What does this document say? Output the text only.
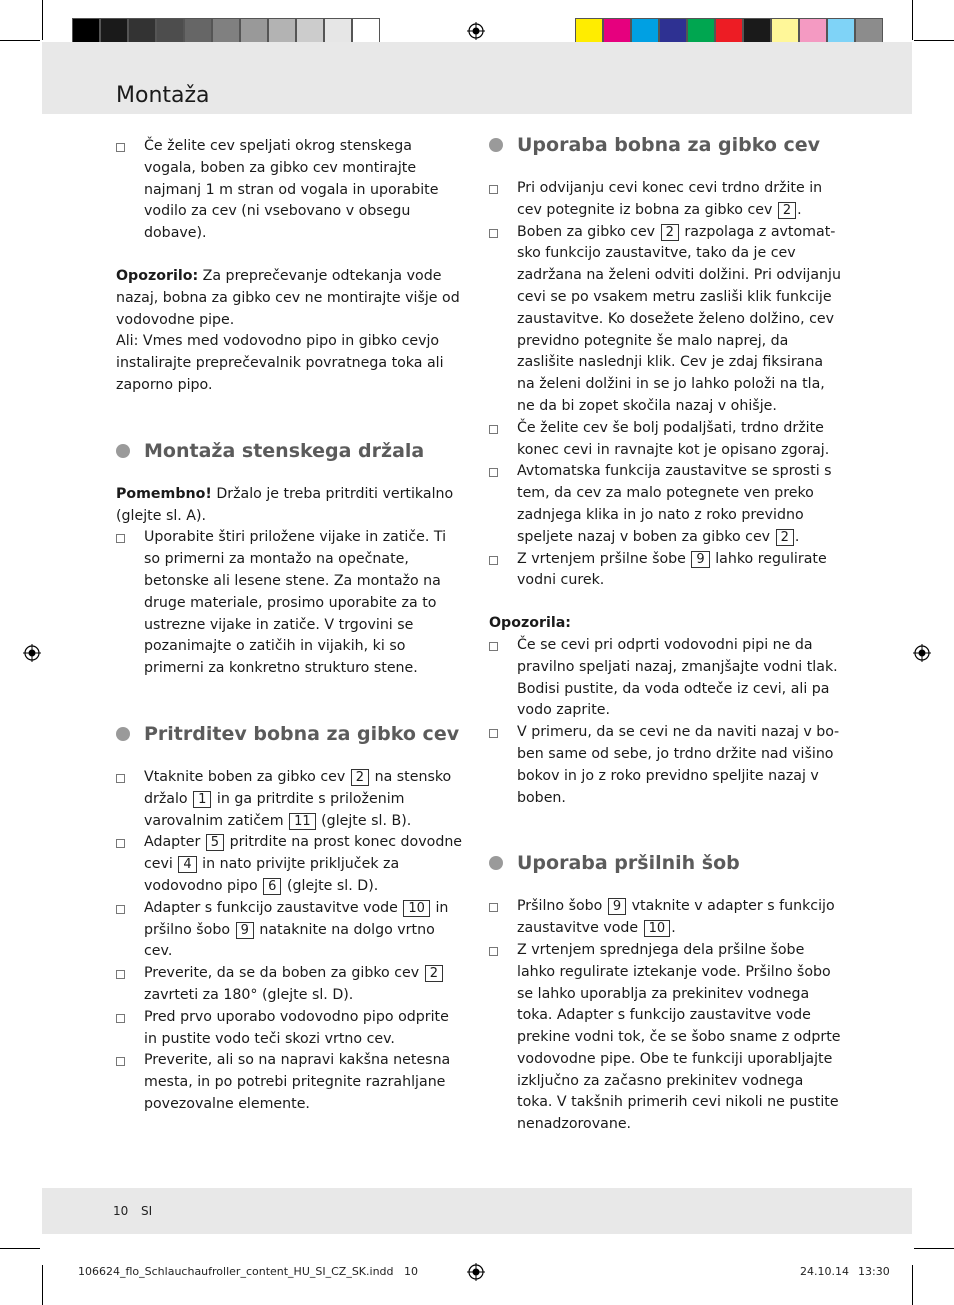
Montaža
Če želite cev speljati okrog stenskega vogala, boben za gibko cev montirajte najmanj 1 m stran od vogala in uporabite vodilo za cev (ni vsebovano v obsegu dobave).

Opozorilo: Za preprečevanje odtekanja vode nazaj, bobna za gibko cev ne montirajte višje od vodovodne pipe.

Ali: Vmes med vodovodno pipo in gibko cevjo instalirajte preprečevalnik povratnega toka ali zaporno pipo.

Montaža stenskega držala

Pomembno! Držalo je treba pritrditi vertikalno (glejte sl. A).

Uporabite štiri priložene vijake in zatiče. Ti so primerni za montažo na opečnate, betonske ali lesene stene. Za montažo na druge materiale, prosimo uporabite za to ustrezne vijake in zatiče. V trgovini se pozanimajte o zatičih in vijakih, ki so primerni za konkretno strukturo stene.
Pritrditev bobna za gibko cev
Vtaknite boben za gibko cev 2 na stensko držalo 1 in ga pritrdite s priloženim varovalnim zatičem 11 (glejte sl. B).
Adapter 5 pritrdite na prost konec dovodne cevi 4 in nato privijte priključek za vodovodno pipo 6 (glejte sl. D).
Adapter s funkcijo zaustavitve vode 10 in pršilno šobo 9 nataknite na dolgo vrtno cev.
Preverite, da se da boben za gibko cev 2 zavrteti za 180° (glejte sl. D).
Pred prvo uporabo vodovodno pipo odprite in pustite vodo teči skozi vrtno cev.
Preverite, ali so na napravi kakšna netesna mesta, in po potrebi pritegnite razrahljane povezovalne elemente.
Uporaba bobna za gibko cev
Pri odvijanju cevi konec cevi trdno držite in cev potegnite iz bobna za gibko cev 2 .
Boben za gibko cev 2 razpolaga z avtomatsko funkcijo zaustavitve, tako da je cev zadržana na želeni odviti dolžini. Pri odvijanju cevi se po vsakem metru zasliši klik funkcije zaustavitve. Ko dosežete želeno dolžino, cev previdno potegnite še malo naprej, da zaslišite naslednji klik. Cev je zdaj fiksirana na želeni dolžini in se jo lahko položi na tla, ne da bi zopet skočila nazaj v ohišje.
Če želite cev še bolj podaljšati, trdno držite konec cevi in ravnajte kot je opisano zgoraj.
Avtomatska funkcija zaustavitve se sprosti s tem, da cev za malo potegnete ven preko zadnjega klika in jo nato z roko previdno speljete nazaj v boben za gibko cev 2 .
Z vrtenjem pršilne šobe 9 lahko regulirate vodni curek.

Opozorila:

Če se cevi pri odprti vodovodni pipi ne da pravilno speljati nazaj, zmanjšajte vodni tlak. Bodisi pustite, da voda odteče iz cevi, ali pa vodo zaprite.
V primeru, da se cevi ne da naviti nazaj v boben same od sebe, jo trdno držite nad višino bokov in jo z roko previdno speljite nazaj v boben.
Uporaba pršilnih šob
Pršilno šobo 9 vtaknite v adapter s funkcijo zaustavitve vode 10 .
Z vrtenjem sprednjega dela pršilne šobe lahko regulirate iztekanje vode. Pršilno šobo se lahko uporablja za prekinitev vodnega toka. Adapter s funkcijo zaustavitve vode prekine vodni tok, če se šobo sname z odprte vodovodne pipe. Obe te funkciji uporabljajte izključno za začasno prekinitev vodnega toka. V takšnih primerih cevi nikoli ne pustite nenadzorovane.
10 SI
106624_flo_Schlauchaufroller_content_HU_SI_CZ_SK.indd   10	24.10.14 13:30
